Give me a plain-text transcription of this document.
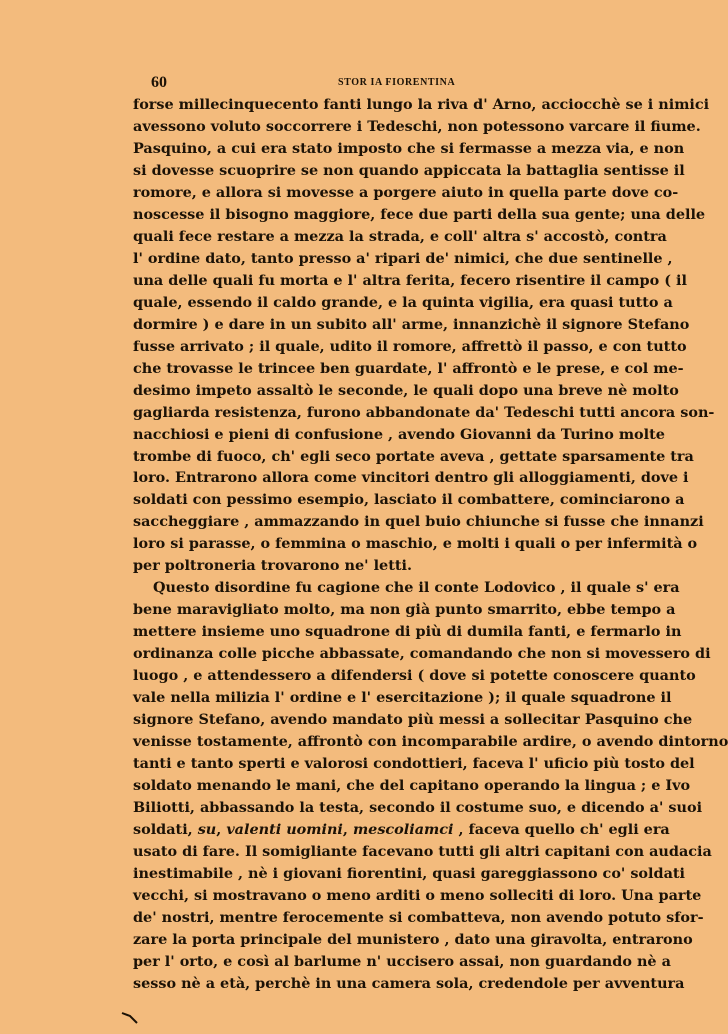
60	STOR IA FIORENTINA
forse millecinquecento fanti lungo la riva d' Arno, acciocchè se i nimici
avessono voluto soccorrere i Tedeschi, non potessono varcare il fiume.
Pasquino, a cui era stato imposto che si fermasse a mezza via, e non
si dovesse scuoprire se non quando appiccata la battaglia sentisse il
romore, e allora si movesse a porgere aiuto in quella parte dove co-
noscesse il bisogno maggiore, fece due parti della sua gente; una delle
quali fece restare a mezza la strada, e coll' altra s' accostò, contra
l' ordine dato, tanto presso a' ripari de' nimici, che due sentinelle ,
una delle quali fu morta e l' altra ferita, fecero risentire il campo ( il
quale, essendo il caldo grande, e la quinta vigilia, era quasi tutto a
dormire ) e dare in un subito all' arme, innanzichè il signore Stefano
fusse arrivato ; il quale, udito il romore, affrettò il passo, e con tutto
che trovasse le trincee ben guardate, l' affrontò e le prese, e col me-
desimo impeto assaltò le seconde, le quali dopo una breve nè molto
gagliarda resistenza, furono abbandonate da' Tedeschi tutti ancora son-
nacchiosi e pieni di confusione , avendo Giovanni da Turino molte
trombe di fuoco, ch' egli seco portate aveva , gettate sparsamente tra
loro. Entrarono allora come vincitori dentro gli alloggiamenti, dove i
soldati con pessimo esempio, lasciato il combattere, cominciarono a
saccheggiare , ammazzando in quel buio chiunche si fusse che innanzi
loro si parasse, o femmina o maschio, e molti i quali o per infermità o
per poltroneria trovarono ne' letti.
Questo disordine fu cagione che il conte Lodovico , il quale s' era
bene maravigliato molto, ma non già punto smarrito, ebbe tempo a
mettere insieme uno squadrone di più di dumila fanti, e fermarlo in
ordinanza colle picche abbassate, comandando che non si movessero di
luogo , e attendessero a difendersi ( dove si potette conoscere quanto
vale nella milizia l' ordine e l' esercitazione ); il quale squadrone il
signore Stefano, avendo mandato più messi a sollecitar Pasquino che
venisse tostamente, affrontò con incomparabile ardire, o avendo dintorno
tanti e tanto sperti e valorosi condottieri, faceva l' uficio più tosto del
soldato menando le mani, che del capitano operando la lingua ; e Ivo
Biliotti, abbassando la testa, secondo il costume suo, e dicendo a' suoi
soldati, su, valenti uomini, mescoliamci , faceva quello ch' egli era
usato di fare. Il somigliante facevano tutti gli altri capitani con audacia
inestimabile , nè i giovani fiorentini, quasi gareggiassono co' soldati
vecchi, si mostravano o meno arditi o meno solleciti di loro. Una parte
de' nostri, mentre ferocemente si combatteva, non avendo potuto sfor-
zare la porta principale del munistero , dato una giravolta, entrarono
per l' orto, e così al barlume n' uccisero assai, non guardando nè a
sesso nè a età, perchè in una camera sola, credendole per avventura
